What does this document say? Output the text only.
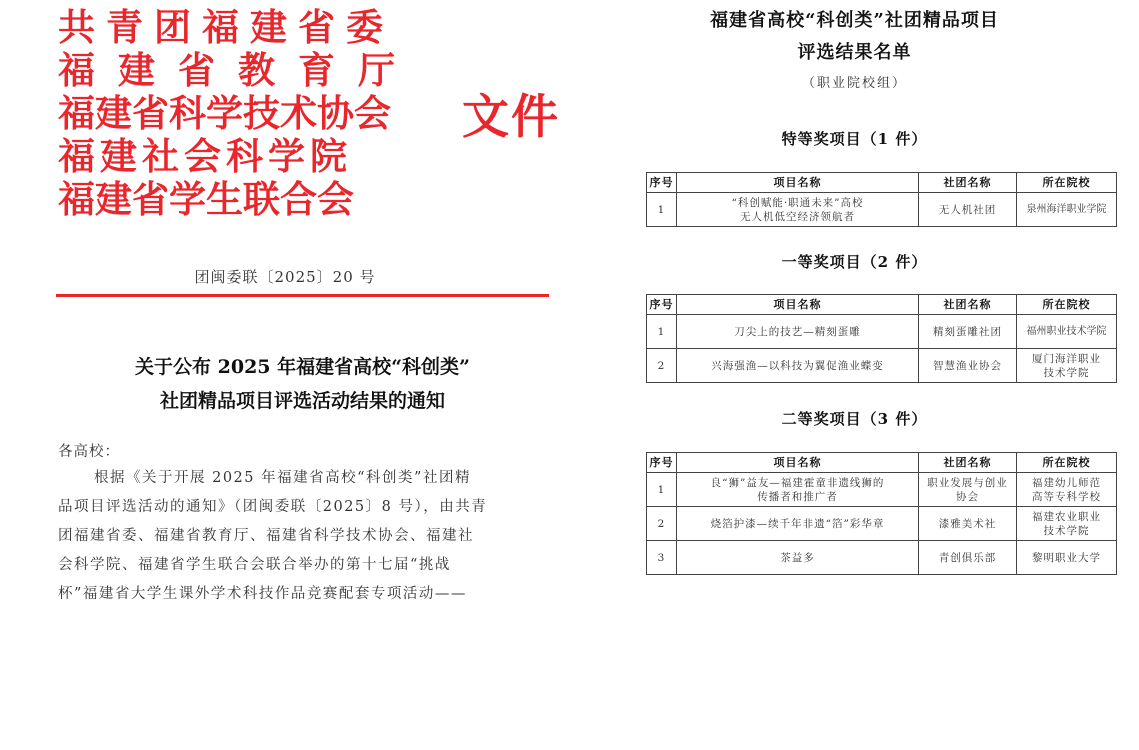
共青团福建省委
福建省教育厅
福建省科学技术协会
福建社会科学院
福建省学生联合会
文件
团闽委联〔2025〕20 号
关于公布 2025 年福建省高校“科创类”
社团精品项目评选活动结果的通知
各高校：
根据《关于开展 2025 年福建省高校“科创类”社团精
品项目评选活动的通知》（团闽委联〔2025〕8 号），由共青
团福建省委、福建省教育厅、福建省科学技术协会、福建社
会科学院、福建省学生联合会联合举办的第十七届“挑战
杯”福建省大学生课外学术科技作品竞赛配套专项活动——
福建省高校“科创类”社团精品项目
评选结果名单
（职业院校组）
特等奖项目（1 件）
序号	项目名称	社团名称	所在院校
1	“科创赋能·职通未来”高校
无人机低空经济领航者	无人机社团	泉州海洋职业学院
一等奖项目（2 件）
序号	项目名称	社团名称	所在院校
1	刀尖上的技艺—精刻蛋雕	精刻蛋雕社团	福州职业技术学院
2	兴海强渔—以科技为翼促渔业蝶变	智慧渔业协会	厦门海洋职业
技术学院
二等奖项目（3 件）
序号	项目名称	社团名称	所在院校
1	良“狮”益友—福建霍童非遗线狮的
传播者和推广者	职业发展与创业
协会	福建幼儿师范
高等专科学校
2	烧箔护漆—续千年非遗“箔”彩华章	漆雅美术社	福建农业职业
技术学院
3	茶益多	青创俱乐部	黎明职业大学
